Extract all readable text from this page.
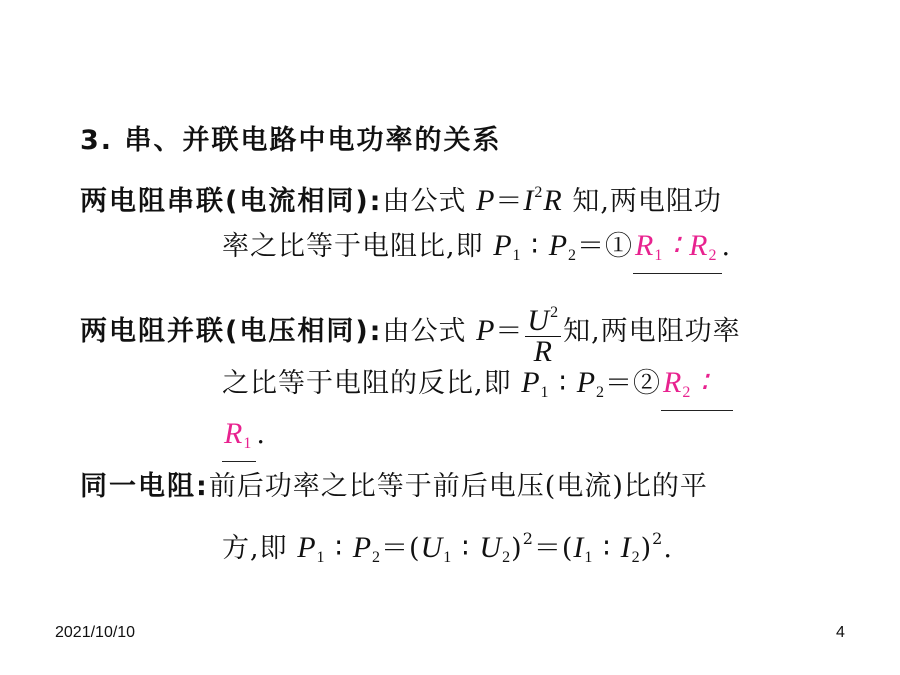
3. 串、并联电路中电功率的关系
两电阻串联(电流相同):由公式 $P=I^2R$ 知,两电阻功
率之比等于电阻比,即 $P_1$ ∶ $P_2=①R_1$ ∶ $R_2$ .
两电阻并联(电压相同):由公式 $P= \frac{U^2}{R}$ 知,两电阻功率
之比等于电阻的反比,即 $P_1$ ∶ $P_2=②R_2$ ∶
$R_1$ .
同一电阻:前后功率之比等于前后电压(电流)比的平
方,即 $P_1$ ∶ $P_2=(U_1$ ∶ $U_2)^2=(I_1$ ∶ $I_2)^2$.
2021/10/10	4
